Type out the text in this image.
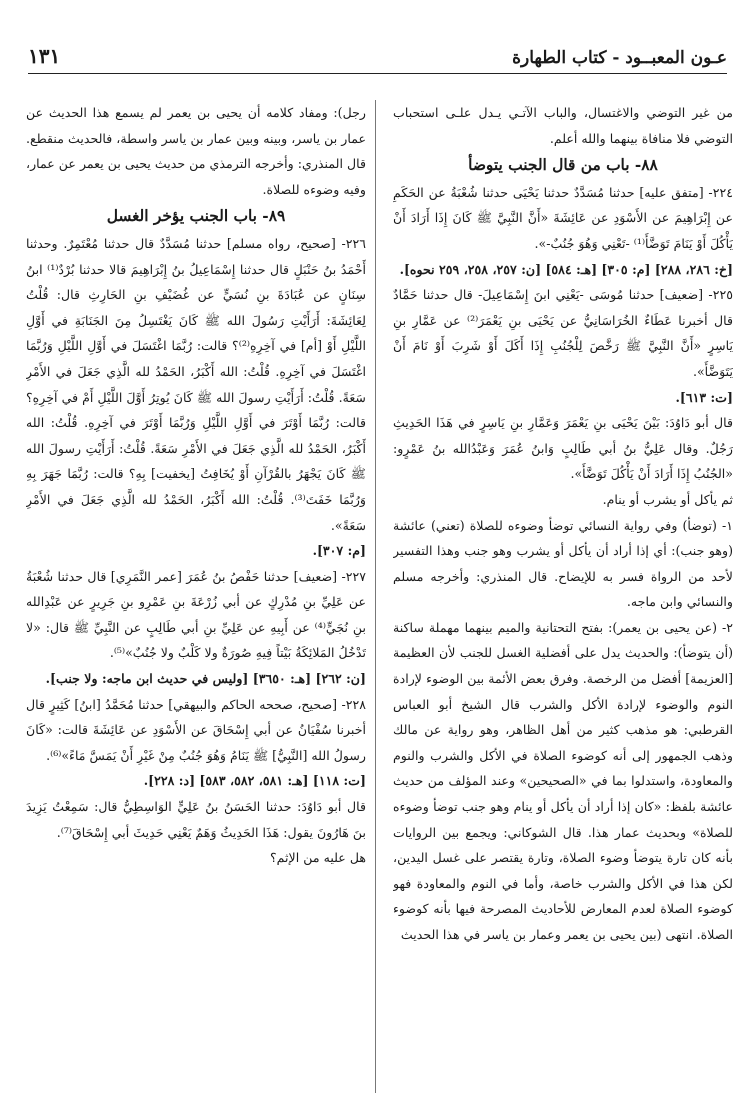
عـون المعبــود - كتاب الطهارة
١٣١

من غير التوضي والاغتسال، والباب الآتـي يـدل علـى استحباب التوضي فلا منافاة بينهما والله أعلم.

٨٨- باب من قال الجنب يتوضأ

٢٢٤- [متفق عليه] حدثنا مُسَدَّدٌ حدثنا يَحْيَى حدثنا شُعْبَةُ عن الحَكَمِ عن إِبْرَاهِيمَ عن الأَسْوَدِ عن عَائِشَةَ «أَنَّ النَّبِيَّ ﷺ كَانَ إِذَا أَرَادَ أَنْ يَأْكُلَ أَوْ يَنَامَ تَوَضَّأَ⁽¹⁾ -تَعْنِي وَهُوَ جُنُبٌ-».

[خ: ٢٨٦، ٢٨٨] [م: ٣٠٥] [هـ: ٥٨٤] [ن: ٢٥٧، ٢٥٨، ٢٥٩ نحوه].

٢٢٥- [ضعيف] حدثنا مُوسَى -يَعْنِي ابنَ إِسْمَاعِيلَ- قال حدثنا حَمَّادٌ قال أخبرنا عَطَاءٌ الخُرَاسَانِيُّ عن يَحْيَى بنِ يَعْمَرَ⁽²⁾ عن عَمَّارِ بنِ يَاسِرٍ «أَنَّ النَّبِيَّ ﷺ رَخَّصَ لِلْجُنُبِ إِذَا أَكَلَ أَوْ شَرِبَ أَوْ نَامَ أَنْ يَتَوَضَّأَ».

[ت: ٦١٣].

قال أبو دَاوُدَ: بَيْنَ يَحْيَى بنِ يَعْمَرَ وَعَمَّارِ بنِ يَاسِرٍ في هَذَا الحَدِيثِ رَجُلٌ. وقال عَلِيُّ بنُ أبي طَالِبٍ وَابنُ عُمَرَ وَعَبْدُالله بنُ عَمْرٍو: «الجُنُبُ إِذَا أَرَادَ أَنْ يَأْكُلَ تَوَضَّأَ».

ثم يأكل أو يشرب أو ينام.

١- (توضأ) وفي رواية النسائي توضأ وضوءه للصلاة (تعني) عائشة (وهو جنب): أي إذا أراد أن يأكل أو يشرب وهو جنب وهذا التفسير لأحد من الرواة فسر به للإيضاح. قال المنذري: وأخرجه مسلم والنسائي وابن ماجه.

٢- (عن يحيى بن يعمر): بفتح التحتانية والميم بينهما مهملة ساكنة (أن يتوضأ): والحديث يدل على أفضلية الغسل للجنب لأن العظيمة [العزيمة] أفضل من الرخصة. وفرق بعض الأئمة بين الوضوء لإرادة النوم والوضوء لإرادة الأكل والشرب قال الشيخ أبو العباس القرطبي: هو مذهب كثير من أهل الظاهر، وهو رواية عن مالك وذهب الجمهور إلى أنه كوضوء الصلاة في الأكل والشرب والنوم والمعاودة، واستدلوا بما في «الصحيحين» وعند المؤلف من حديث عائشة بلفظ: «كان إذا أراد أن يأكل أو ينام وهو جنب توضأ وضوءه للصلاة» وبحديث عمار هذا. قال الشوكاني: ويجمع بين الروايات بأنه كان تارة يتوضأ وضوء الصلاة، وتارة يقتصر على غسل اليدين، لكن هذا في الأكل والشرب خاصة، وأما في النوم والمعاودة فهو كوضوء الصلاة لعدم المعارض للأحاديث المصرحة فيها بأنه كوضوء الصلاة. انتهى (بين يحيى بن يعمر وعمار بن ياسر في هذا الحديث

رجل): ومفاد كلامه أن يحيى بن يعمر لم يسمع هذا الحديث عن عمار بن ياسر، وبينه وبين عمار بن ياسر واسطة، فالحديث منقطع. قال المنذري: وأخرجه الترمذي من حديث يحيى بن يعمر عن عمار، وفيه وضوءه للصلاة.

٨٩- باب الجنب يؤخر الغسل

٢٢٦- [صحيح، رواه مسلم] حدثنا مُسَدَّدٌ قال حدثنا مُعْتَمِرٌ. وحدثنا أَحْمَدُ بنُ حَنْبَلٍ قال حدثنا إِسْمَاعِيلُ بنُ إِبْرَاهِيمَ قالا حدثنا بُرْدٌ⁽¹⁾ ابنُ سِنَانٍ عن عُبَادَةَ بنِ نُسَيٍّ عن غُضَيْفِ بنِ الحَارِثِ قال: قُلْتُ لِعَائِشَةَ: أَرَأَيْتِ رَسُولَ الله ﷺ كَانَ يَغْتَسِلُ مِنَ الجَنَابَةِ في أَوَّلِ اللَّيْلِ أَوْ [أم] في آخِرِهِ⁽²⁾؟ قالت: رُبَّمَا اغْتَسَلَ في أَوَّلِ اللَّيْلِ وَرُبَّمَا اغْتَسَلَ في آخِرِهِ. قُلْتُ: الله أَكْبَرُ، الحَمْدُ لله الَّذِي جَعَلَ في الأَمْرِ سَعَةً. قُلْتُ: أَرَأَيْتِ رسولَ الله ﷺ كَانَ يُوتِرُ أَوَّلَ اللَّيْلِ أَمْ في آخِرِهِ؟ قالت: رُبَّمَا أَوْتَرَ في أَوَّلِ اللَّيْلِ وَرُبَّمَا أَوْتَرَ في آخِرِهِ. قُلْتُ: الله أَكْبَرُ، الحَمْدُ لله الَّذِي جَعَلَ في الأَمْرِ سَعَةً. قُلْتُ: أَرَأَيْتِ رسولَ الله ﷺ كَانَ يَجْهَرُ بالقُرْآنِ أَوْ يُخَافِتُ [يخفيت] بِهِ؟ قالت: رُبَّمَا جَهَرَ بِهِ وَرُبَّمَا خَفَتَ⁽³⁾. قُلْتُ: الله أَكْبَرُ، الحَمْدُ لله الَّذِي جَعَلَ في الأَمْرِ سَعَةً».

[م: ٣٠٧].

٢٢٧- [ضعيف] حدثنا حَفْصُ بنُ عُمَرَ [عمر النَّمَرِي] قال حدثنا شُعْبَةُ عن عَلِيِّ بنِ مُدْرِكٍ عن أبي زُرْعَةَ بنِ عَمْرِو بنِ جَرِيرٍ عن عَبْدِالله بنِ نُجَيٍّ⁽⁴⁾ عن أَبِيهِ عن عَلِيِّ بنِ أبي طَالِبٍ عن النَّبِيِّ ﷺ قال: «لا تَدْخُلُ المَلائِكَةُ بَيْتاً فِيهِ صُورَةٌ ولا كَلْبٌ ولا جُنُبٌ»⁽⁵⁾.

[ن: ٢٦٢] [هـ: ٣٦٥٠] [وليس في حديث ابن ماجه: ولا جنب].

٢٢٨- [صحيح، صححه الحاكم والبيهقي] حدثنا مُحَمَّدُ [ابنُ] كَثِيرٍ قال أخبرنا سُفْيَانُ عن أبي إِسْحَاقَ عن الأَسْوَدِ عن عَائِشَةَ قالت: «كَانَ رسولُ الله [النَّبِيُّ] ﷺ يَنَامُ وَهُوَ جُنُبٌ مِنْ غَيْرِ أَنْ يَمَسَّ مَاءً»⁽⁶⁾.

[ت: ١١٨] [هـ: ٥٨١، ٥٨٢، ٥٨٣] [د: ٢٢٨].

قال أبو دَاوُدَ: حدثنا الحَسَنُ بنُ عَلِيٍّ الوَاسِطِيُّ قال: سَمِعْتُ يَزِيدَ بنَ هَارُونَ يقول: هَذَا الحَدِيثُ وَهَمٌ يَعْنِي حَدِيثَ أبي إِسْحَاقَ⁽⁷⁾.

هل عليه من الإثم؟
